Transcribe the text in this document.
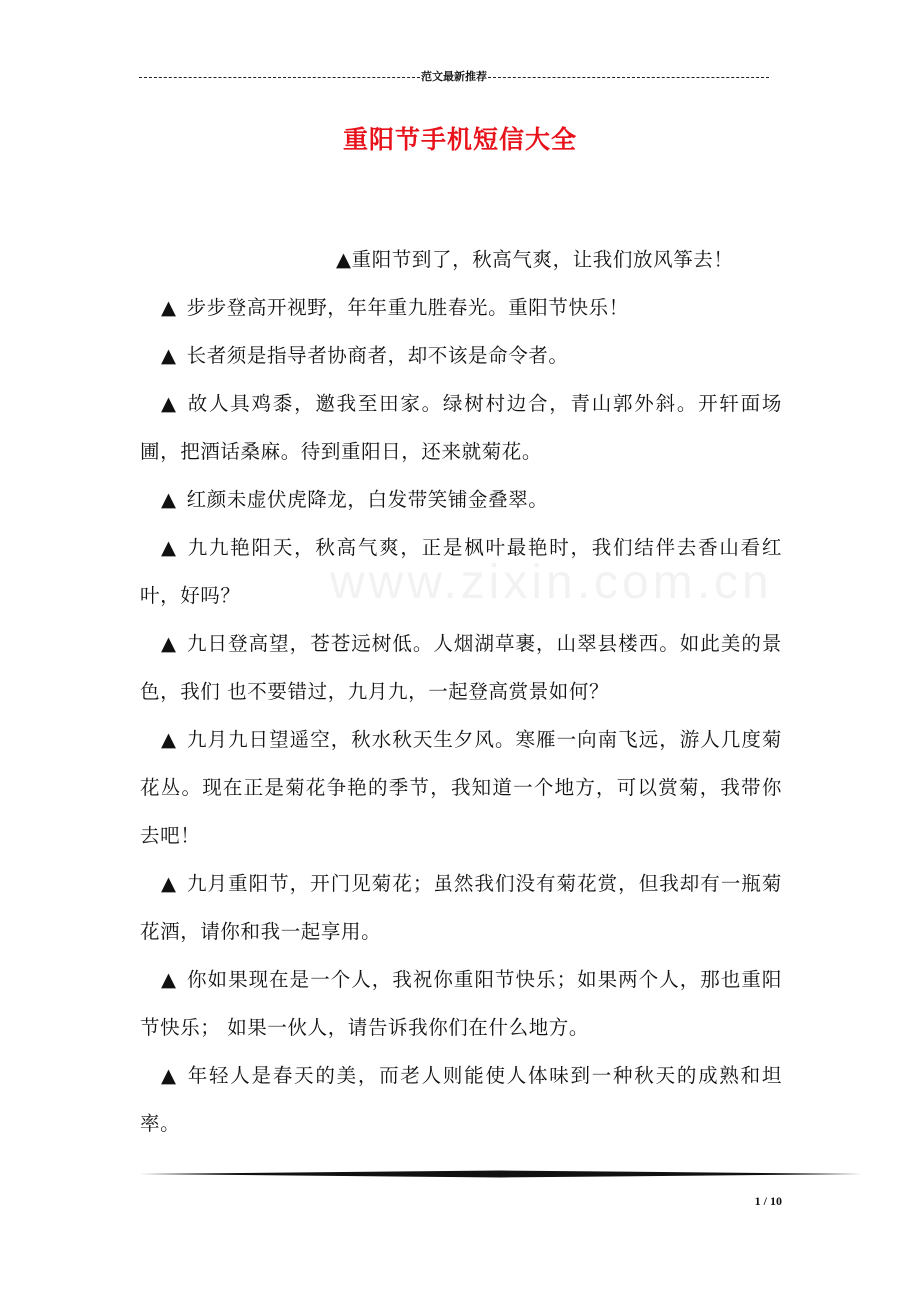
范文最新推荐
重阳节手机短信大全
www.zixin.com.cn

▲重阳节到了，秋高气爽，让我们放风筝去！

▲ 步步登高开视野，年年重九胜春光。重阳节快乐！

▲ 长者须是指导者协商者，却不该是命令者。

▲ 故人具鸡黍，邀我至田家。绿树村边合，青山郭外斜。开轩面场圃，把酒话桑麻。待到重阳日，还来就菊花。

▲ 红颜未虚伏虎降龙，白发带笑铺金叠翠。

▲ 九九艳阳天，秋高气爽，正是枫叶最艳时，我们结伴去香山看红叶，好吗？

▲ 九日登高望，苍苍远树低。人烟湖草裹，山翠县楼西。如此美的景色，我们 也不要错过，九月九，一起登高赏景如何？

▲ 九月九日望遥空，秋水秋天生夕风。寒雁一向南飞远，游人几度菊花丛。现在正是菊花争艳的季节，我知道一个地方，可以赏菊，我带你去吧！

▲ 九月重阳节，开门见菊花；虽然我们没有菊花赏，但我却有一瓶菊花酒，请你和我一起享用。

▲ 你如果现在是一个人，我祝你重阳节快乐；如果两个人，那也重阳节快乐； 如果一伙人，请告诉我你们在什么地方。

▲ 年轻人是春天的美，而老人则能使人体味到一种秋天的成熟和坦率。

1 / 10
